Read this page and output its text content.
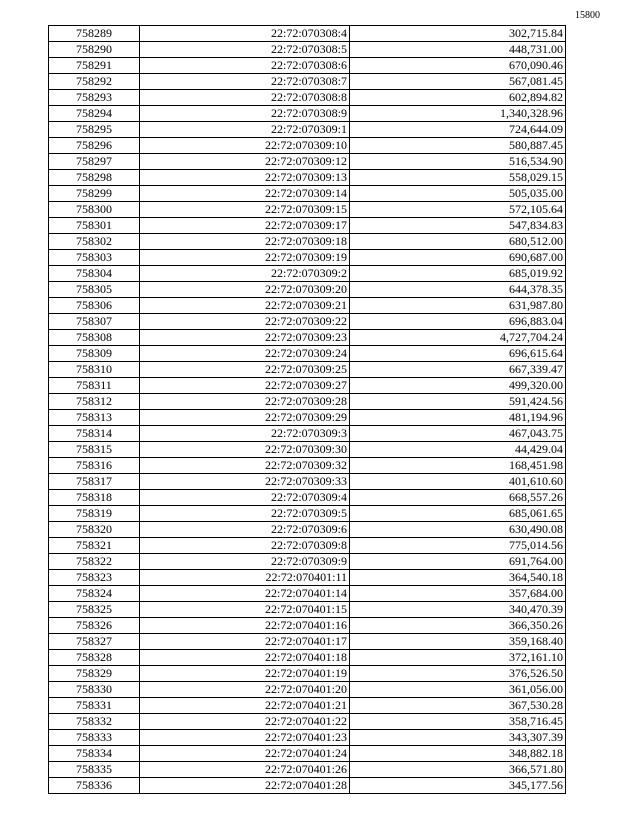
15800
758289	22:72:070308:4	302,715.84
758290	22:72:070308:5	448,731.00
758291	22:72:070308:6	670,090.46
758292	22:72:070308:7	567,081.45
758293	22:72:070308:8	602,894.82
758294	22:72:070308:9	1,340,328.96
758295	22:72:070309:1	724,644.09
758296	22:72:070309:10	580,887.45
758297	22:72:070309:12	516,534.90
758298	22:72:070309:13	558,029.15
758299	22:72:070309:14	505,035.00
758300	22:72:070309:15	572,105.64
758301	22:72:070309:17	547,834.83
758302	22:72:070309:18	680,512.00
758303	22:72:070309:19	690,687.00
758304	22:72:070309:2	685,019.92
758305	22:72:070309:20	644,378.35
758306	22:72:070309:21	631,987.80
758307	22:72:070309:22	696,883.04
758308	22:72:070309:23	4,727,704.24
758309	22:72:070309:24	696,615.64
758310	22:72:070309:25	667,339.47
758311	22:72:070309:27	499,320.00
758312	22:72:070309:28	591,424.56
758313	22:72:070309:29	481,194.96
758314	22:72:070309:3	467,043.75
758315	22:72:070309:30	44,429.04
758316	22:72:070309:32	168,451.98
758317	22:72:070309:33	401,610.60
758318	22:72:070309:4	668,557.26
758319	22:72:070309:5	685,061.65
758320	22:72:070309:6	630,490.08
758321	22:72:070309:8	775,014.56
758322	22:72:070309:9	691,764.00
758323	22:72:070401:11	364,540.18
758324	22:72:070401:14	357,684.00
758325	22:72:070401:15	340,470.39
758326	22:72:070401:16	366,350.26
758327	22:72:070401:17	359,168.40
758328	22:72:070401:18	372,161.10
758329	22:72:070401:19	376,526.50
758330	22:72:070401:20	361,056.00
758331	22:72:070401:21	367,530.28
758332	22:72:070401:22	358,716.45
758333	22:72:070401:23	343,307.39
758334	22:72:070401:24	348,882.18
758335	22:72:070401:26	366,571.80
758336	22:72:070401:28	345,177.56
